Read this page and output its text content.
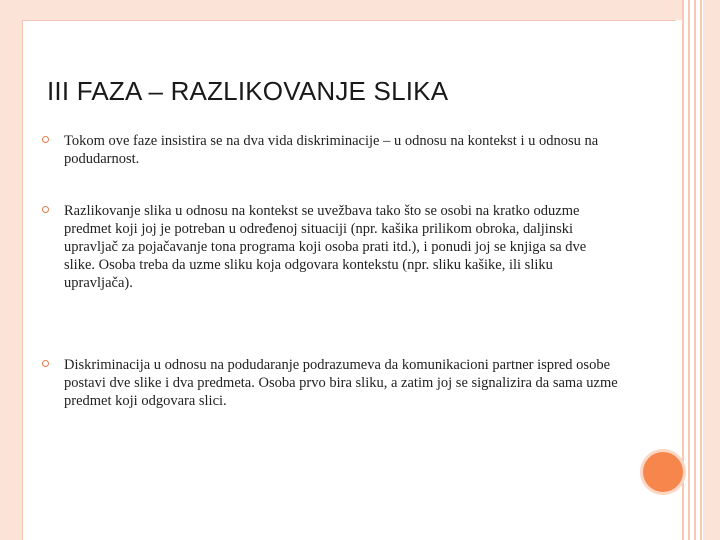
III FAZA – RAZLIKOVANJE SLIKA
Tokom ove faze insistira se na dva vida diskriminacije – u odnosu na kontekst i u odnosu na podudarnost.
Razlikovanje slika u odnosu na kontekst se uvežbava tako što se osobi na kratko oduzme predmet koji joj je potreban u određenoj situaciji (npr. kašika prilikom obroka, daljinski upravljač za pojačavanje tona programa koji osoba prati itd.), i ponudi joj se knjiga sa dve slike. Osoba treba da uzme sliku koja odgovara kontekstu (npr. sliku kašike, ili sliku upravljača).
Diskriminacija u odnosu na podudaranje podrazumeva da komunikacioni partner ispred osobe postavi dve slike i dva predmeta. Osoba prvo bira sliku, a zatim joj se signalizira da sama uzme predmet koji odgovara slici.
